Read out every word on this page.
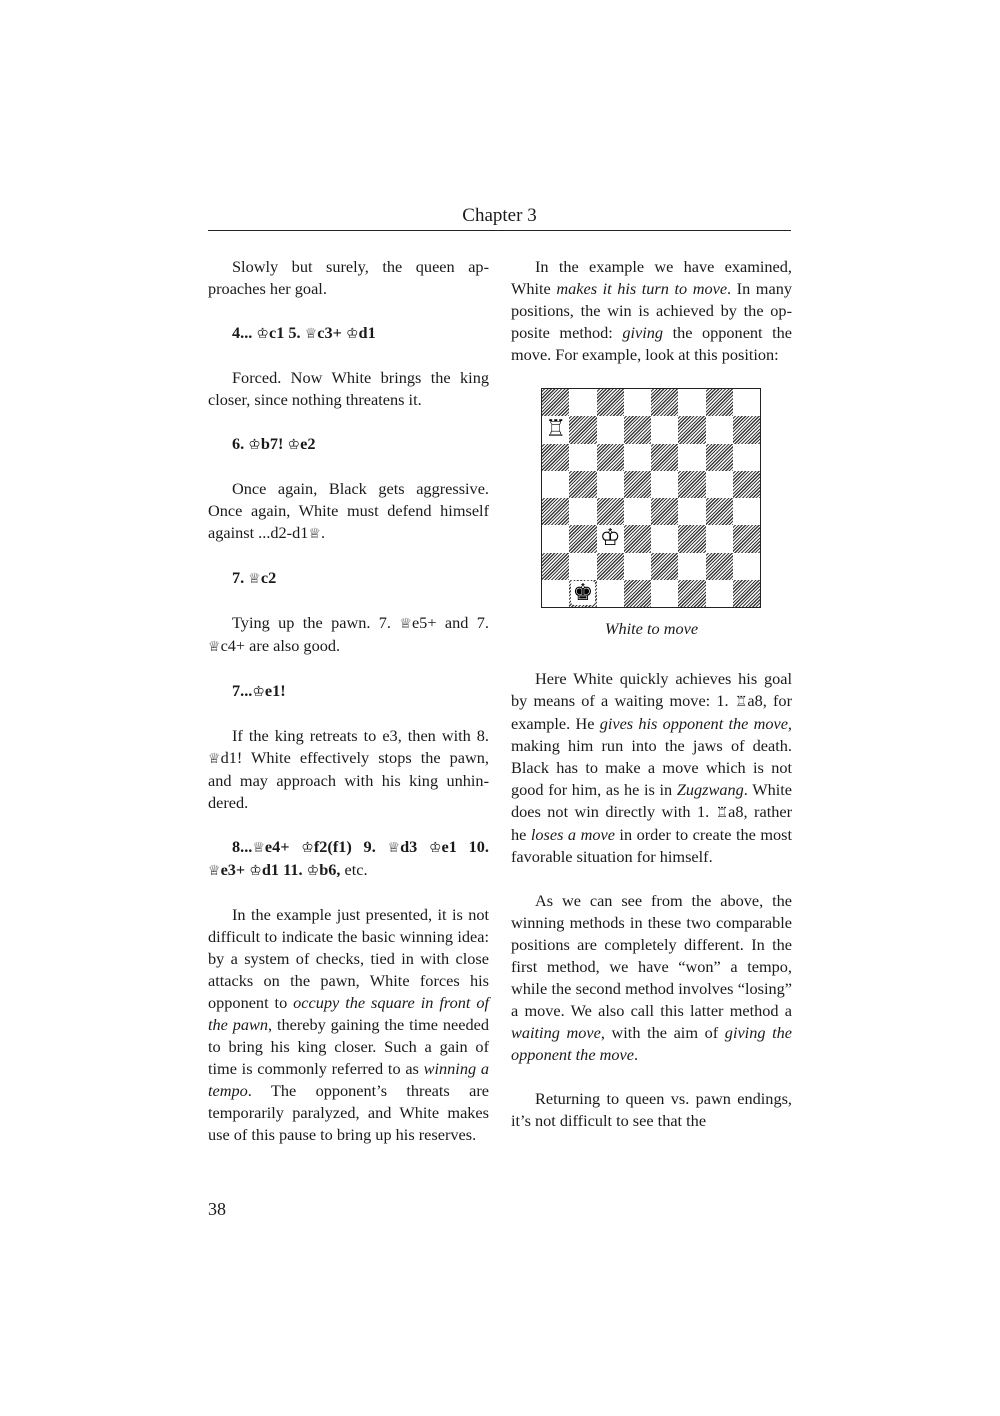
Chapter 3

Slowly but surely, the queen approaches her goal.

4... ♔c1 5. ♕c3+ ♔d1

Forced. Now White brings the king closer, since nothing threatens it.

6. ♔b7! ♔e2

Once again, Black gets aggressive. Once again, White must defend himself against ...d2-d1♕.

7. ♕c2

Tying up the pawn. 7. ♕e5+ and 7. ♕c4+ are also good.

7...♔e1!

If the king retreats to e3, then with 8. ♕d1! White effectively stops the pawn, and may approach with his king unhindered.

8...♕e4+ ♔f2(f1) 9. ♕d3 ♔e1 10. ♕e3+ ♔d1 11. ♔b6, etc.

In the example just presented, it is not difficult to indicate the basic winning idea: by a system of checks, tied in with close attacks on the pawn, White forces his opponent to occupy the square in front of the pawn, thereby gaining the time needed to bring his king closer. Such a gain of time is commonly referred to as winning a tempo. The opponent’s threats are temporarily paralyzed, and White makes use of this pause to bring up his reserves.

In the example we have examined, White makes it his turn to move. In many positions, the win is achieved by the opposite method: giving the opponent the move. For example, look at this position:

♖
♔
♚
White to move

Here White quickly achieves his goal by means of a waiting move: 1. ♖a8, for example. He gives his opponent the move, making him run into the jaws of death. Black has to make a move which is not good for him, as he is in Zugzwang. White does not win directly with 1. ♖a8, rather he loses a move in order to create the most favorable situation for himself.

As we can see from the above, the winning methods in these two comparable positions are completely different. In the first method, we have “won” a tempo, while the second method involves “losing” a move. We also call this latter method a waiting move, with the aim of giving the opponent the move.

Returning to queen vs. pawn endings, it’s not difficult to see that the

38
